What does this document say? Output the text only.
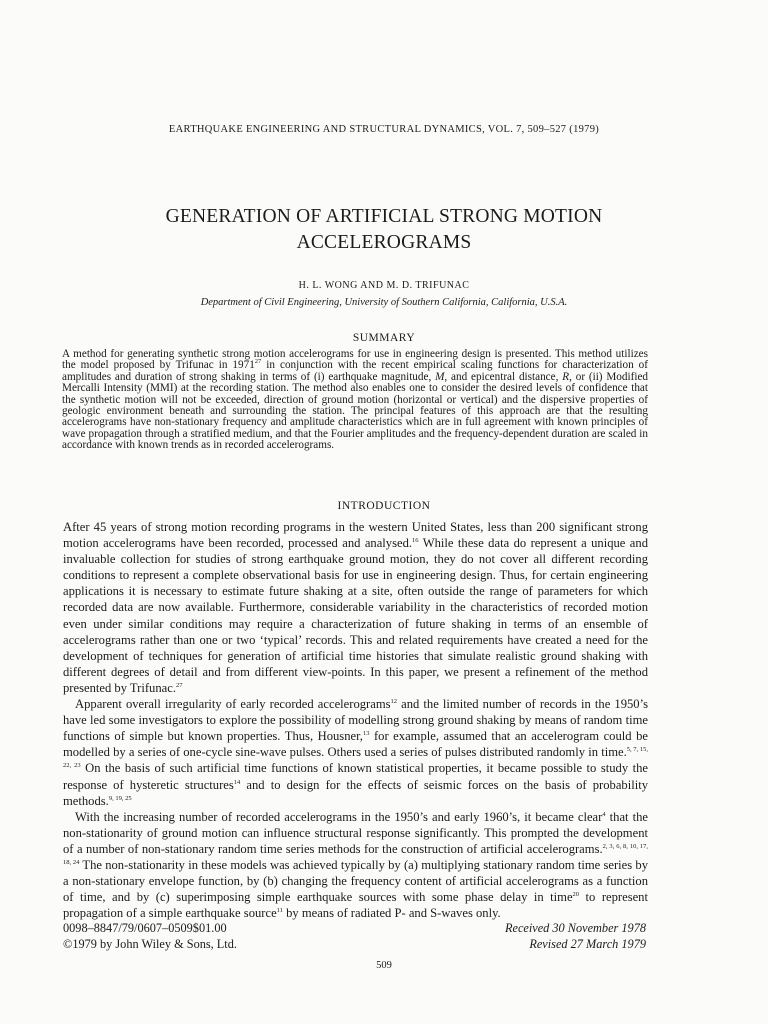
EARTHQUAKE ENGINEERING AND STRUCTURAL DYNAMICS, VOL. 7, 509–527 (1979)
GENERATION OF ARTIFICIAL STRONG MOTION
ACCELEROGRAMS
H. L. WONG AND M. D. TRIFUNAC
Department of Civil Engineering, University of Southern California, California, U.S.A.
SUMMARY

A method for generating synthetic strong motion accelerograms for use in engineering design is presented. This method utilizes the model proposed by Trifunac in 1971$^{27}$ in conjunction with the recent empirical scaling functions for characterization of amplitudes and duration of strong shaking in terms of (i) earthquake magnitude, M, and epicentral distance, R, or (ii) Modified Mercalli Intensity (MMI) at the recording station. The method also enables one to consider the desired levels of confidence that the synthetic motion will not be exceeded, direction of ground motion (horizontal or vertical) and the dispersive properties of geologic environment beneath and surrounding the station. The principal features of this approach are that the resulting accelerograms have non-stationary frequency and amplitude characteristics which are in full agreement with known principles of wave propagation through a stratified medium, and that the Fourier amplitudes and the frequency-dependent duration are scaled in accordance with known trends as in recorded accelerograms.

INTRODUCTION

After 45 years of strong motion recording programs in the western United States, less than 200 significant strong motion accelerograms have been recorded, processed and analysed.$^{16}$ While these data do represent a unique and invaluable collection for studies of strong earthquake ground motion, they do not cover all different recording conditions to represent a complete observational basis for use in engineering design. Thus, for certain engineering applications it is necessary to estimate future shaking at a site, often outside the range of parameters for which recorded data are now available. Furthermore, considerable variability in the characteristics of recorded motion even under similar conditions may require a characterization of future shaking in terms of an ensemble of accelerograms rather than one or two ‘typical’ records. This and related requirements have created a need for the development of techniques for generation of artificial time histories that simulate realistic ground shaking with different degrees of detail and from different view-points. In this paper, we present a refinement of the method presented by Trifunac.$^{27}$

Apparent overall irregularity of early recorded accelerograms$^{12}$ and the limited number of records in the 1950’s have led some investigators to explore the possibility of modelling strong ground shaking by means of random time functions of simple but known properties. Thus, Housner,$^{13}$ for example, assumed that an accelerogram could be modelled by a series of one-cycle sine-wave pulses. Others used a series of pulses distributed randomly in time.$^{5, 7, 15, 22, 23}$ On the basis of such artificial time functions of known statistical properties, it became possible to study the response of hysteretic structures$^{14}$ and to design for the effects of seismic forces on the basis of probability methods.$^{9, 19, 25}$

With the increasing number of recorded accelerograms in the 1950’s and early 1960’s, it became clear$^4$ that the non-stationarity of ground motion can influence structural response significantly. This prompted the development of a number of non-stationary random time series methods for the construction of artificial accelerograms.$^{2, 3, 6, 8, 10, 17, 18, 24}$ The non-stationarity in these models was achieved typically by (a) multiplying stationary random time series by a non-stationary envelope function, by (b) changing the frequency content of artificial accelerograms as a function of time, and by (c) superimposing simple earthquake sources with some phase delay in time$^{20}$ to represent propagation of a simple earthquake source$^{11}$ by means of radiated P- and S-waves only.

0098–8847/79/0607–0509$01.00
©1979 by John Wiley & Sons, Ltd.
Received 30 November 1978
Revised 27 March 1979
509
